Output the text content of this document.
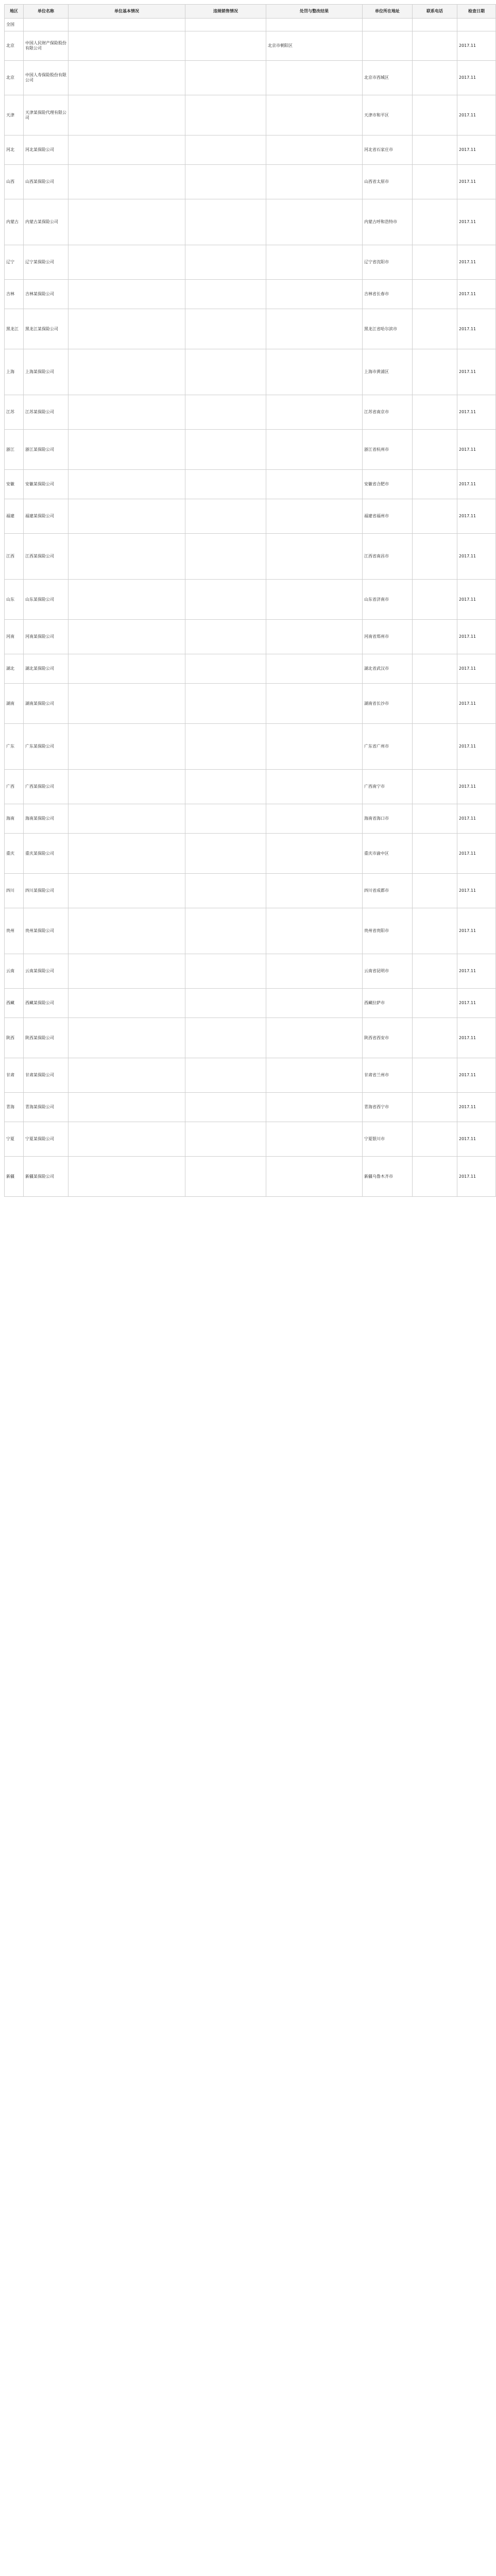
地区	单位名称	单位基本情况	违规销售情况	处罚与整改结果	单位所在地址	联系电话	检查日期
全国							
北京	中国人民财产保险股份有限公司			北京市朝阳区			2017.11
北京	中国人寿保险股份有限公司				北京市西城区		2017.11
天津	天津某保险代理有限公司				天津市和平区		2017.11
河北	河北某保险公司				河北省石家庄市		2017.11
山西	山西某保险公司				山西省太原市		2017.11
内蒙古	内蒙古某保险公司				内蒙古呼和浩特市		2017.11
辽宁	辽宁某保险公司				辽宁省沈阳市		2017.11
吉林	吉林某保险公司				吉林省长春市		2017.11
黑龙江	黑龙江某保险公司				黑龙江省哈尔滨市		2017.11
上海	上海某保险公司				上海市黄浦区		2017.11
江苏	江苏某保险公司				江苏省南京市		2017.11
浙江	浙江某保险公司				浙江省杭州市		2017.11
安徽	安徽某保险公司				安徽省合肥市		2017.11
福建	福建某保险公司				福建省福州市		2017.11
江西	江西某保险公司				江西省南昌市		2017.11
山东	山东某保险公司				山东省济南市		2017.11
河南	河南某保险公司				河南省郑州市		2017.11
湖北	湖北某保险公司				湖北省武汉市		2017.11
湖南	湖南某保险公司				湖南省长沙市		2017.11
广东	广东某保险公司				广东省广州市		2017.11
广西	广西某保险公司				广西南宁市		2017.11
海南	海南某保险公司				海南省海口市		2017.11
重庆	重庆某保险公司				重庆市渝中区		2017.11
四川	四川某保险公司				四川省成都市		2017.11
贵州	贵州某保险公司				贵州省贵阳市		2017.11
云南	云南某保险公司				云南省昆明市		2017.11
西藏	西藏某保险公司				西藏拉萨市		2017.11
陕西	陕西某保险公司				陕西省西安市		2017.11
甘肃	甘肃某保险公司				甘肃省兰州市		2017.11
青海	青海某保险公司				青海省西宁市		2017.11
宁夏	宁夏某保险公司				宁夏银川市		2017.11
新疆	新疆某保险公司				新疆乌鲁木齐市		2017.11
